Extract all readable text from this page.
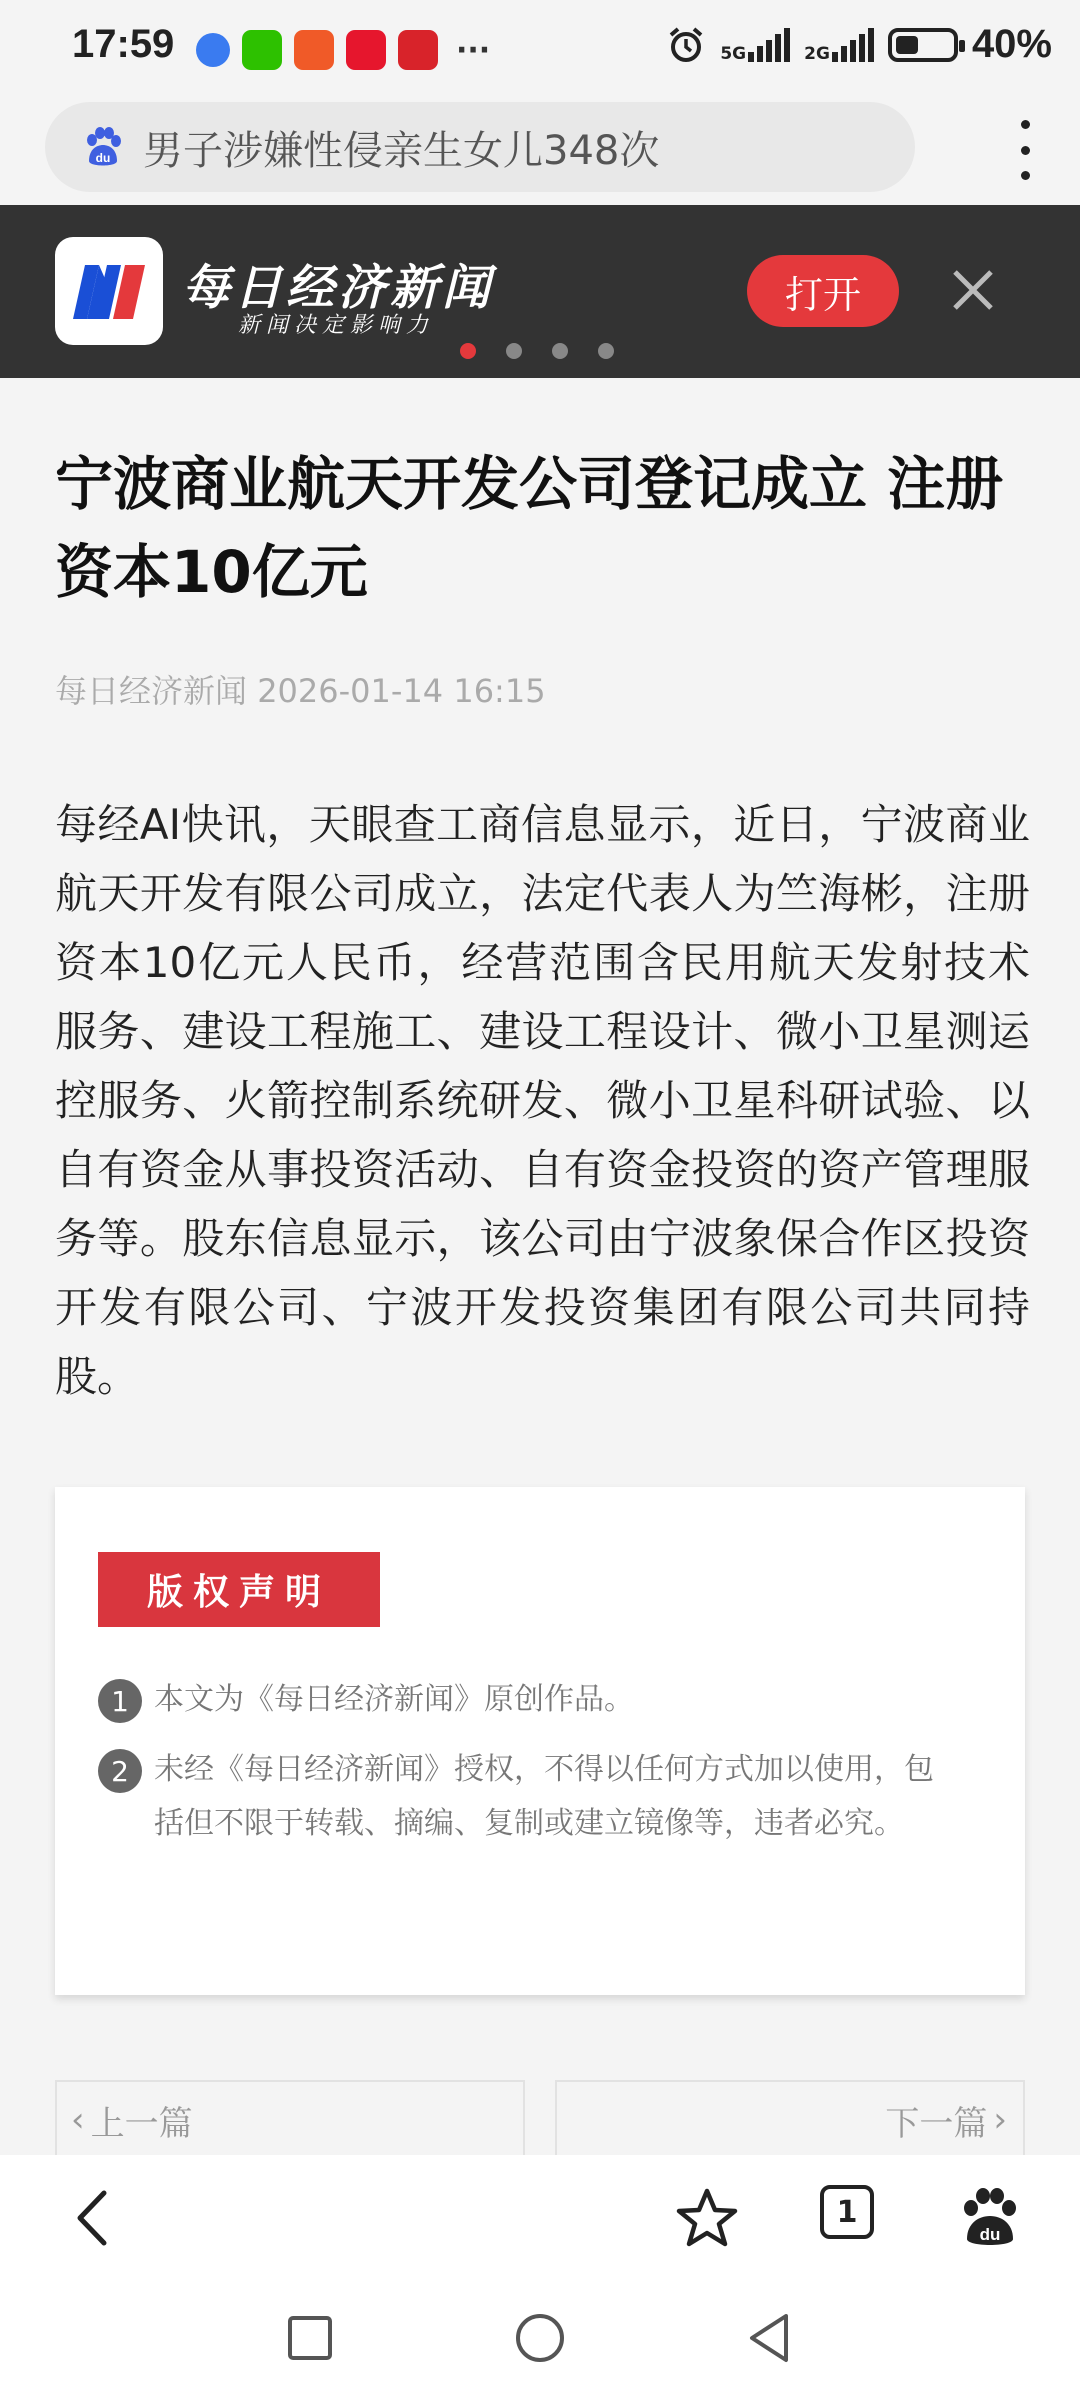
17:59	···	5G	2G	40%
du 男子涉嫌性侵亲生女儿348次
每日经济新闻
新闻决定影响力
打开
宁波商业航天开发公司登记成立 注册资本10亿元
每日经济新闻 2026-01-14 16:15

每经AI快讯，天眼查工商信息显示，近日，宁波商业航天开发有限公司成立，法定代表人为竺海彬，注册资本10亿元人民币，经营范围含民用航天发射技术服务、建设工程施工、建设工程设计、微小卫星测运控服务、火箭控制系统研发、微小卫星科研试验、以自有资金从事投资活动、自有资金投资的资产管理服务等。股东信息显示，该公司由宁波象保合作区投资开发有限公司、宁波开发投资集团有限公司共同持股。

版权声明
1 本文为《每日经济新闻》原创作品。
2 未经《每日经济新闻》授权，不得以任何方式加以使用，包括但不限于转载、摘编、复制或建立镜像等，违者必究。
‹ 上一篇	下一篇 ›
1
du
